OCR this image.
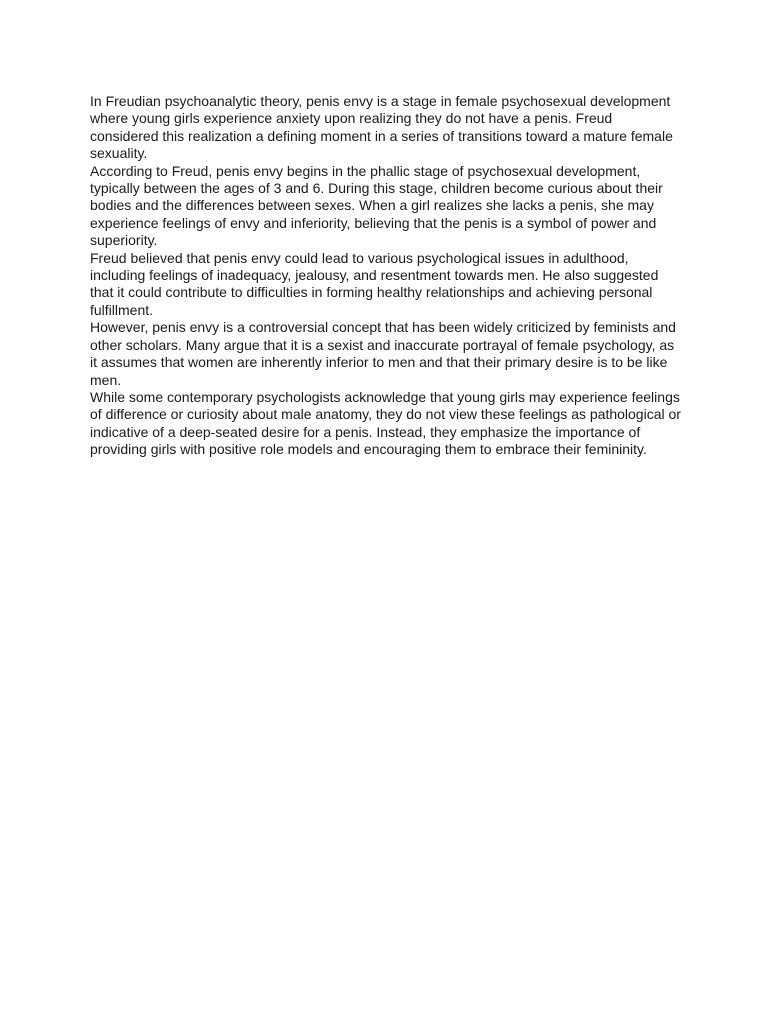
In Freudian psychoanalytic theory, penis envy is a stage in female psychosexual development where young girls experience anxiety upon realizing they do not have a penis. Freud considered this realization a defining moment in a series of transitions toward a mature female sexuality.

According to Freud, penis envy begins in the phallic stage of psychosexual development, typically between the ages of 3 and 6. During this stage, children become curious about their bodies and the differences between sexes. When a girl realizes she lacks a penis, she may experience feelings of envy and inferiority, believing that the penis is a symbol of power and superiority.

Freud believed that penis envy could lead to various psychological issues in adulthood, including feelings of inadequacy, jealousy, and resentment towards men. He also suggested that it could contribute to difficulties in forming healthy relationships and achieving personal fulfillment.

However, penis envy is a controversial concept that has been widely criticized by feminists and other scholars. Many argue that it is a sexist and inaccurate portrayal of female psychology, as it assumes that women are inherently inferior to men and that their primary desire is to be like men.

While some contemporary psychologists acknowledge that young girls may experience feelings of difference or curiosity about male anatomy, they do not view these feelings as pathological or indicative of a deep-seated desire for a penis. Instead, they emphasize the importance of providing girls with positive role models and encouraging them to embrace their femininity.
